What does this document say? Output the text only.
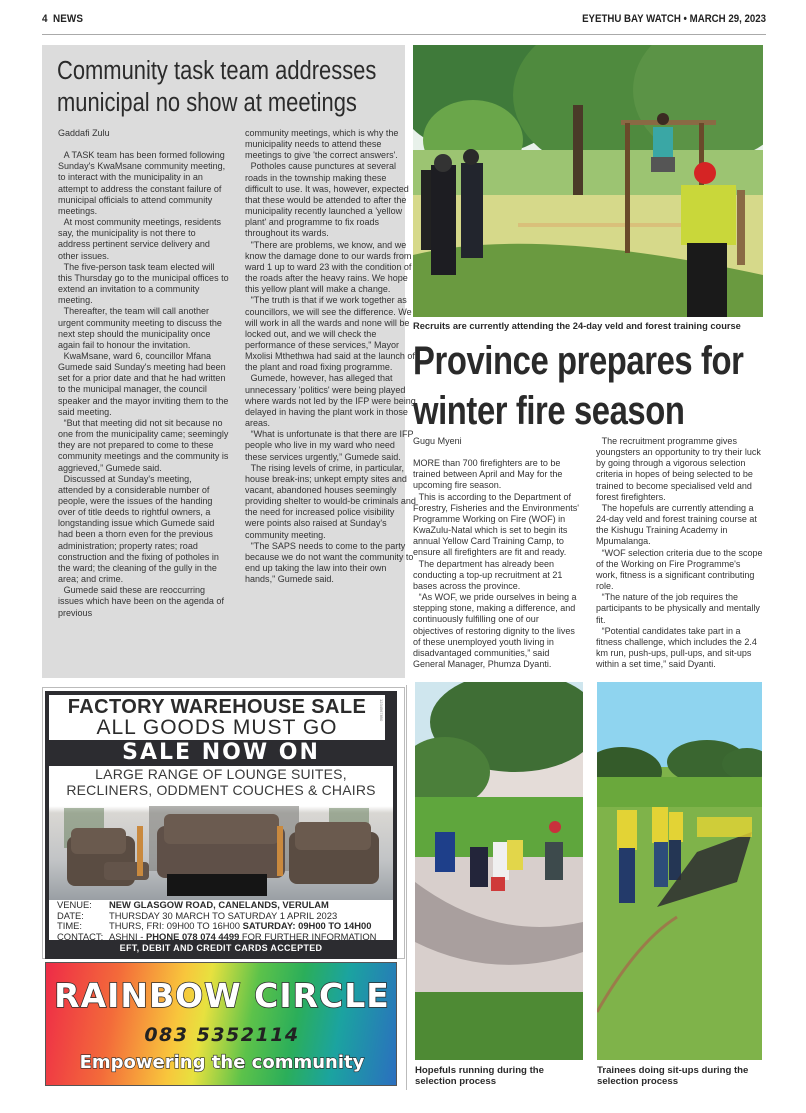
4 NEWS	EYETHU BAY WATCH • MARCH 29, 2023
Community task team addresses
municipal no show at meetings

Gaddafi Zulu

A TASK team has been formed following Sunday's KwaMsane community meeting, to interact with the municipality in an attempt to address the constant failure of municipal officials to attend community meetings.

At most community meetings, residents say, the municipality is not there to address pertinent service delivery and other issues.

The five-person task team elected will this Thursday go to the municipal offices to extend an invitation to a community meeting.

Thereafter, the team will call another urgent community meeting to discuss the next step should the municipality once again fail to honour the invitation.

KwaMsane, ward 6, councillor Mfana Gumede said Sunday's meeting had been set for a prior date and that he had written to the municipal manager, the council speaker and the mayor inviting them to the said meeting.

“But that meeting did not sit because no one from the municipality came; seemingly they are not prepared to come to these community meetings and the community is aggrieved,” Gumede said.

Discussed at Sunday's meeting, attended by a considerable number of people, were the issues of the handing over of title deeds to rightful owners, a longstanding issue which Gumede said had been a thorn even for the previous administration; property rates; road construction and the fixing of potholes in the ward; the cleaning of the gully in the area; and crime.

Gumede said these are reoccurring issues which have been on the agenda of previous

community meetings, which is why the municipality needs to attend these meetings to give 'the correct answers'.

Potholes cause punctures at several roads in the township making these difficult to use. It was, however, expected that these would be attended to after the municipality recently launched a 'yellow plant' and programme to fix roads throughout its wards.

"There are problems, we know, and we know the damage done to our wards from ward 1 up to ward 23 with the condition of the roads after the heavy rains. We hope this yellow plant will make a change.

"The truth is that if we work together as councillors, we will see the difference. We will work in all the wards and none will be locked out, and we will check the performance of these services," Mayor Mxolisi Mthethwa had said at the launch of the plant and road fixing programme.

Gumede, however, has alleged that unnecessary 'politics' were being played where wards not led by the IFP were being delayed in having the plant work in those areas.

“What is unfortunate is that there are IFP people who live in my ward who need these services urgently,” Gumede said.

The rising levels of crime, in particular, house break-ins; unkept empty sites and vacant, abandoned houses seemingly providing shelter to would-be criminals and the need for increased police visibility were points also raised at Sunday's community meeting.

"The SAPS needs to come to the party because we do not want the community to end up taking the law into their own hands," Gumede said.

Recruits are currently attending the 24-day veld and forest training course
Province prepares for
winter fire season

Gugu Myeni

MORE than 700 firefighters are to be trained between April and May for the upcoming fire season.

This is according to the Department of Forestry, Fisheries and the Environments' Programme Working on Fire (WOF) in KwaZulu-Natal which is set to begin its annual Yellow Card Training Camp, to ensure all firefighters are fit and ready.

The department has already been conducting a top-up recruitment at 21 bases across the province.

“As WOF, we pride ourselves in being a stepping stone, making a difference, and continuously fulfilling one of our objectives of restoring dignity to the lives of these unemployed youth living in disadvantaged communities,” said General Manager, Phumza Dyanti.

The recruitment programme gives youngsters an opportunity to try their luck by going through a vigorous selection criteria in hopes of being selected to be trained to become specialised veld and forest firefighters.

The hopefuls are currently attending a 24-day veld and forest training course at the Kishugu Training Academy in Mpumalanga.

“WOF selection criteria due to the scope of the Working on Fire Programme's work, fitness is a significant contributing role.

“The nature of the job requires the participants to be physically and mentally fit.

“Potential candidates take part in a fitness challenge, which includes the 2.4 km run, push-ups, pull-ups, and sit-ups within a set time,” said Dyanti.

FACTORY WAREHOUSE SALE
ALL GOODS MUST GO
1234567890
SALE NOW ON
LARGE RANGE OF LOUNGE SUITES,
RECLINERS, ODDMENT COUCHES & CHAIRS
VENUE: NEW GLASGOW ROAD, CANELANDS, VERULAM
DATE:	THURSDAY 30 MARCH TO SATURDAY 1 APRIL 2023
TIME:	THURS, FRI: 09H00 TO 16H00 SATURDAY: 09H00 TO 14H00
CONTACT: ASHNI - PHONE 078 074 4499 FOR FURTHER INFORMATION
EFT, DEBIT AND CREDIT CARDS ACCEPTED
RAINBOW CIRCLE
083 5352114
Empowering the community	Hopefuls running during the selection process
Trainees doing sit-ups during the selection process
